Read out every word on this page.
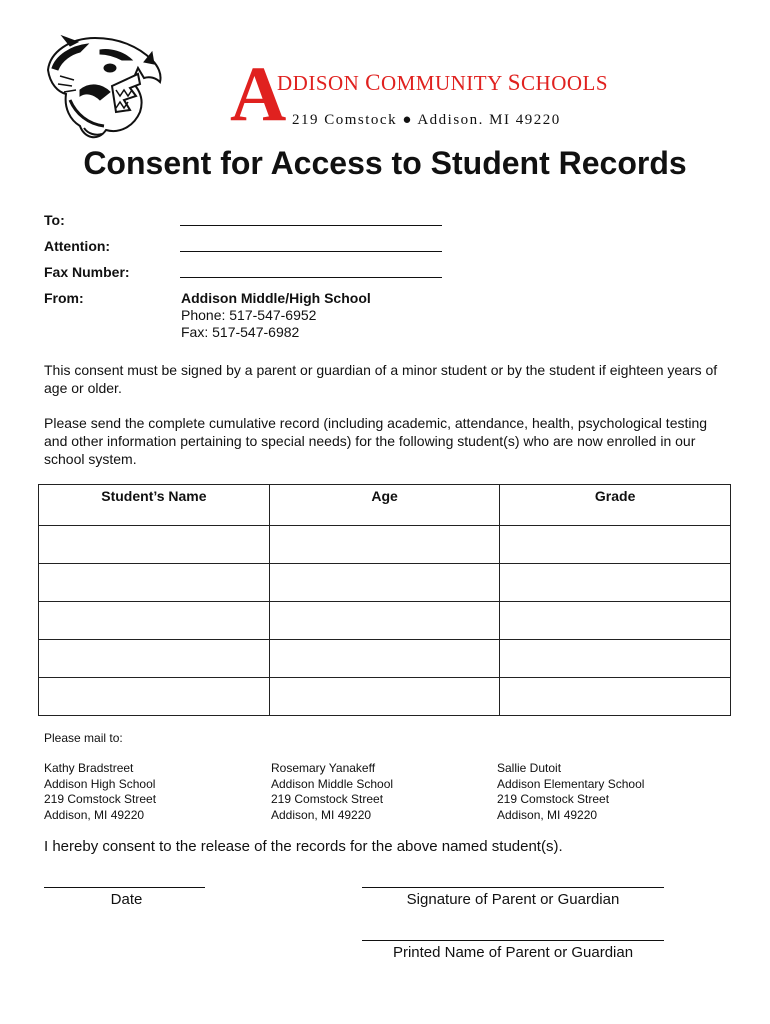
A
DDISON COMMUNITY SCHOOLS
219 Comstock ● Addison. MI 49220
Consent for Access to Student Records
To:
Attention:
Fax Number:
From:	Addison Middle/High School
Phone: 517-547-6952
Fax: 517-547-6982
This consent must be signed by a parent or guardian of a minor student or by the student if eighteen years of age or older.
Please send the complete cumulative record (including academic, attendance, health, psychological testing and other information pertaining to special needs) for the following student(s) who are now enrolled in our school system.
Student’s Name	Age	Grade

Please mail to:
Kathy Bradstreet
Addison High School
219 Comstock Street
Addison, MI 49220
Rosemary Yanakeff
Addison Middle School
219 Comstock Street
Addison, MI 49220
Sallie Dutoit
Addison Elementary School
219 Comstock Street
Addison, MI 49220
I hereby consent to the release of the records for the above named student(s).
Date	Signature of Parent or Guardian
Printed Name of Parent or Guardian
